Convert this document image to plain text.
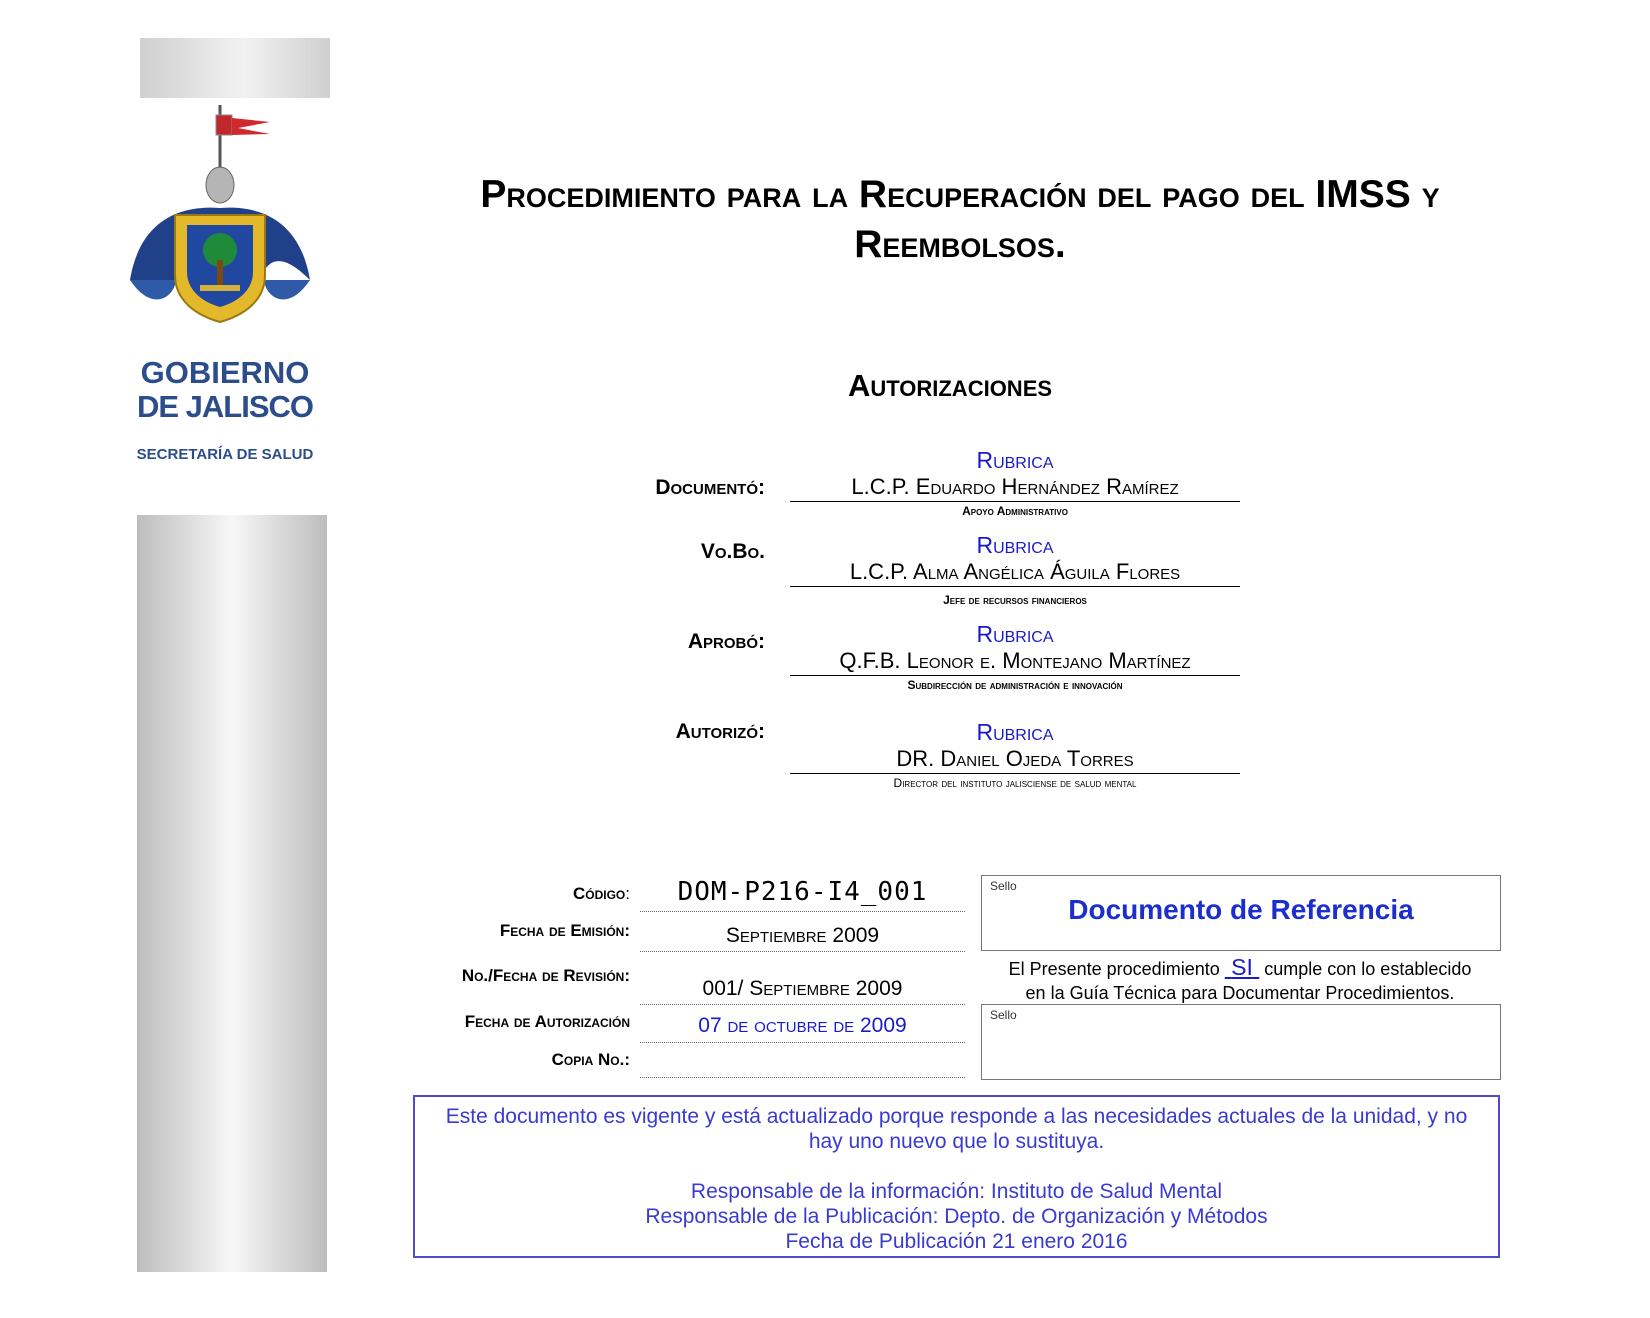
GOBIERNO
DE JALISCO
SECRETARÍA DE SALUD
Procedimiento para la Recuperación del pago del IMSS y
Reembolsos.
Autorizaciones
Documentó:
Rubrica
L.C.P. Eduardo Hernández Ramírez
Apoyo Administrativo
Vo.Bo.	Rubrica
L.C.P. Alma Angélica Águila Flores
Jefe de recursos financieros
Aprobó:	Rubrica
Q.F.B. Leonor e. Montejano Martínez
Subdirección de administración e innovación
Autorizó:	Rubrica
DR. Daniel Ojeda Torres
Director del instituto jalisciense de salud mental
Código:	DOM-P216-I4_001
Fecha de Emisión:	Septiembre 2009
No./Fecha de Revisión:
001/ Septiembre 2009
Fecha de Autorización	07 de octubre de 2009
Copia No.:
Sello
Documento de Referencia
El Presente procedimiento  SI  cumple con lo establecido
en la Guía Técnica para Documentar Procedimientos.
Sello

Este documento es vigente y está actualizado porque responde a las necesidades actuales de la unidad, y no

hay uno nuevo que lo sustituya.

Responsable de la información: Instituto de Salud Mental

Responsable de la Publicación: Depto. de Organización y Métodos

Fecha de Publicación 21 enero 2016
